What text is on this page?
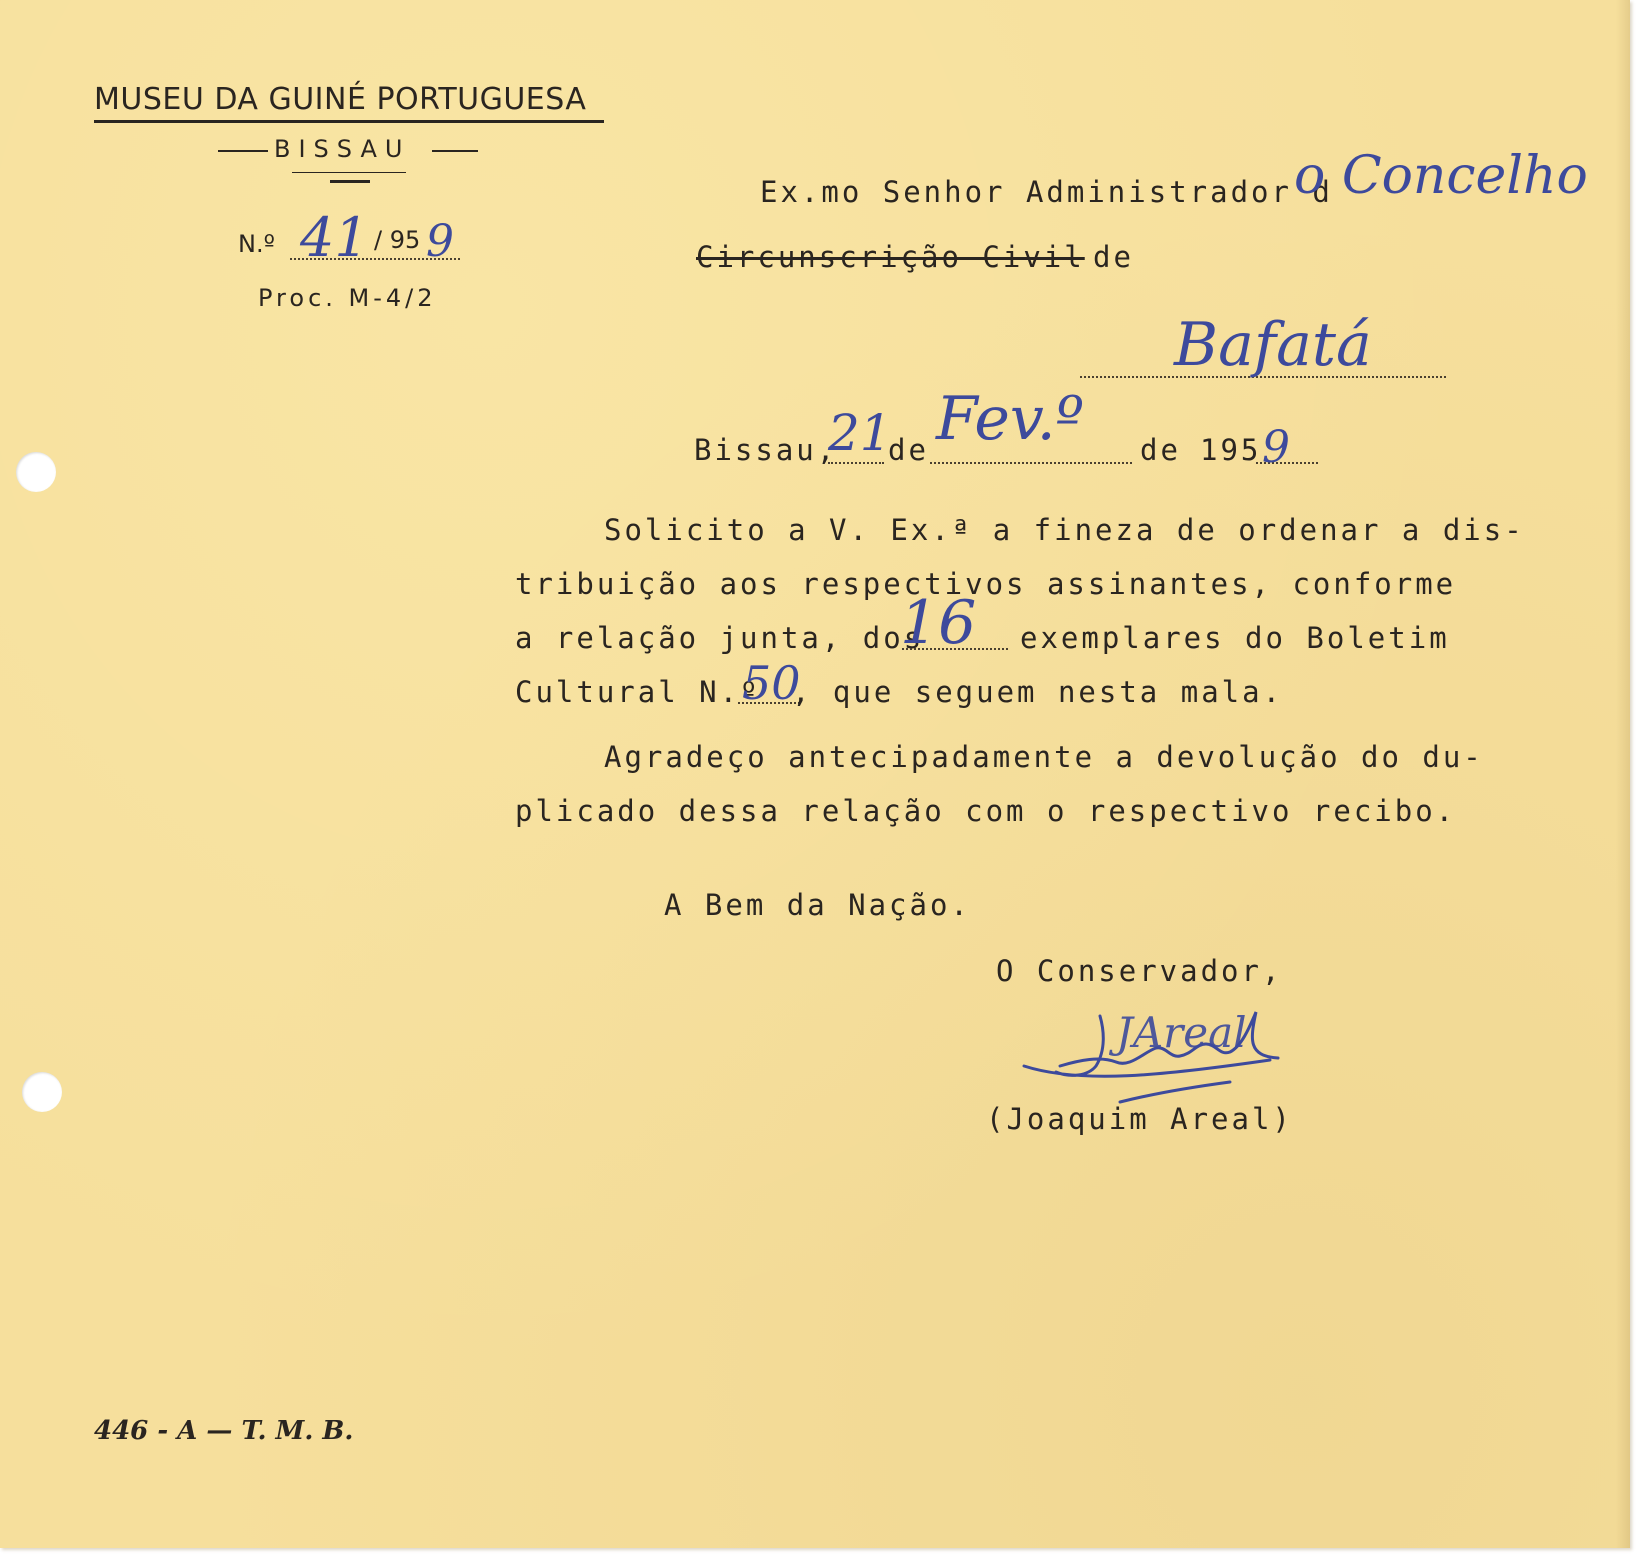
MUSEU DA GUINÉ PORTUGUESA
BISSAU
N.º 41 / 95 9
Proc. M-4/2
Ex.mo Senhor Administrador d
o Concelho
Circunscrição Civil de
Bafatá
Bissau,
21
de Fev.º de 195 9
Solicito a V. Ex.ª a fineza de ordenar a dis-
tribuição aos respectivos assinantes, conforme
a relação junta, dos
16 exemplares do Boletim
Cultural N.º
50
, que seguem nesta mala.
Agradeço antecipadamente a devolução do du-
plicado dessa relação com o respectivo recibo.
A Bem da Nação.
O Conservador,
JAreal
(Joaquim Areal)
446 - A — T. M. B.
